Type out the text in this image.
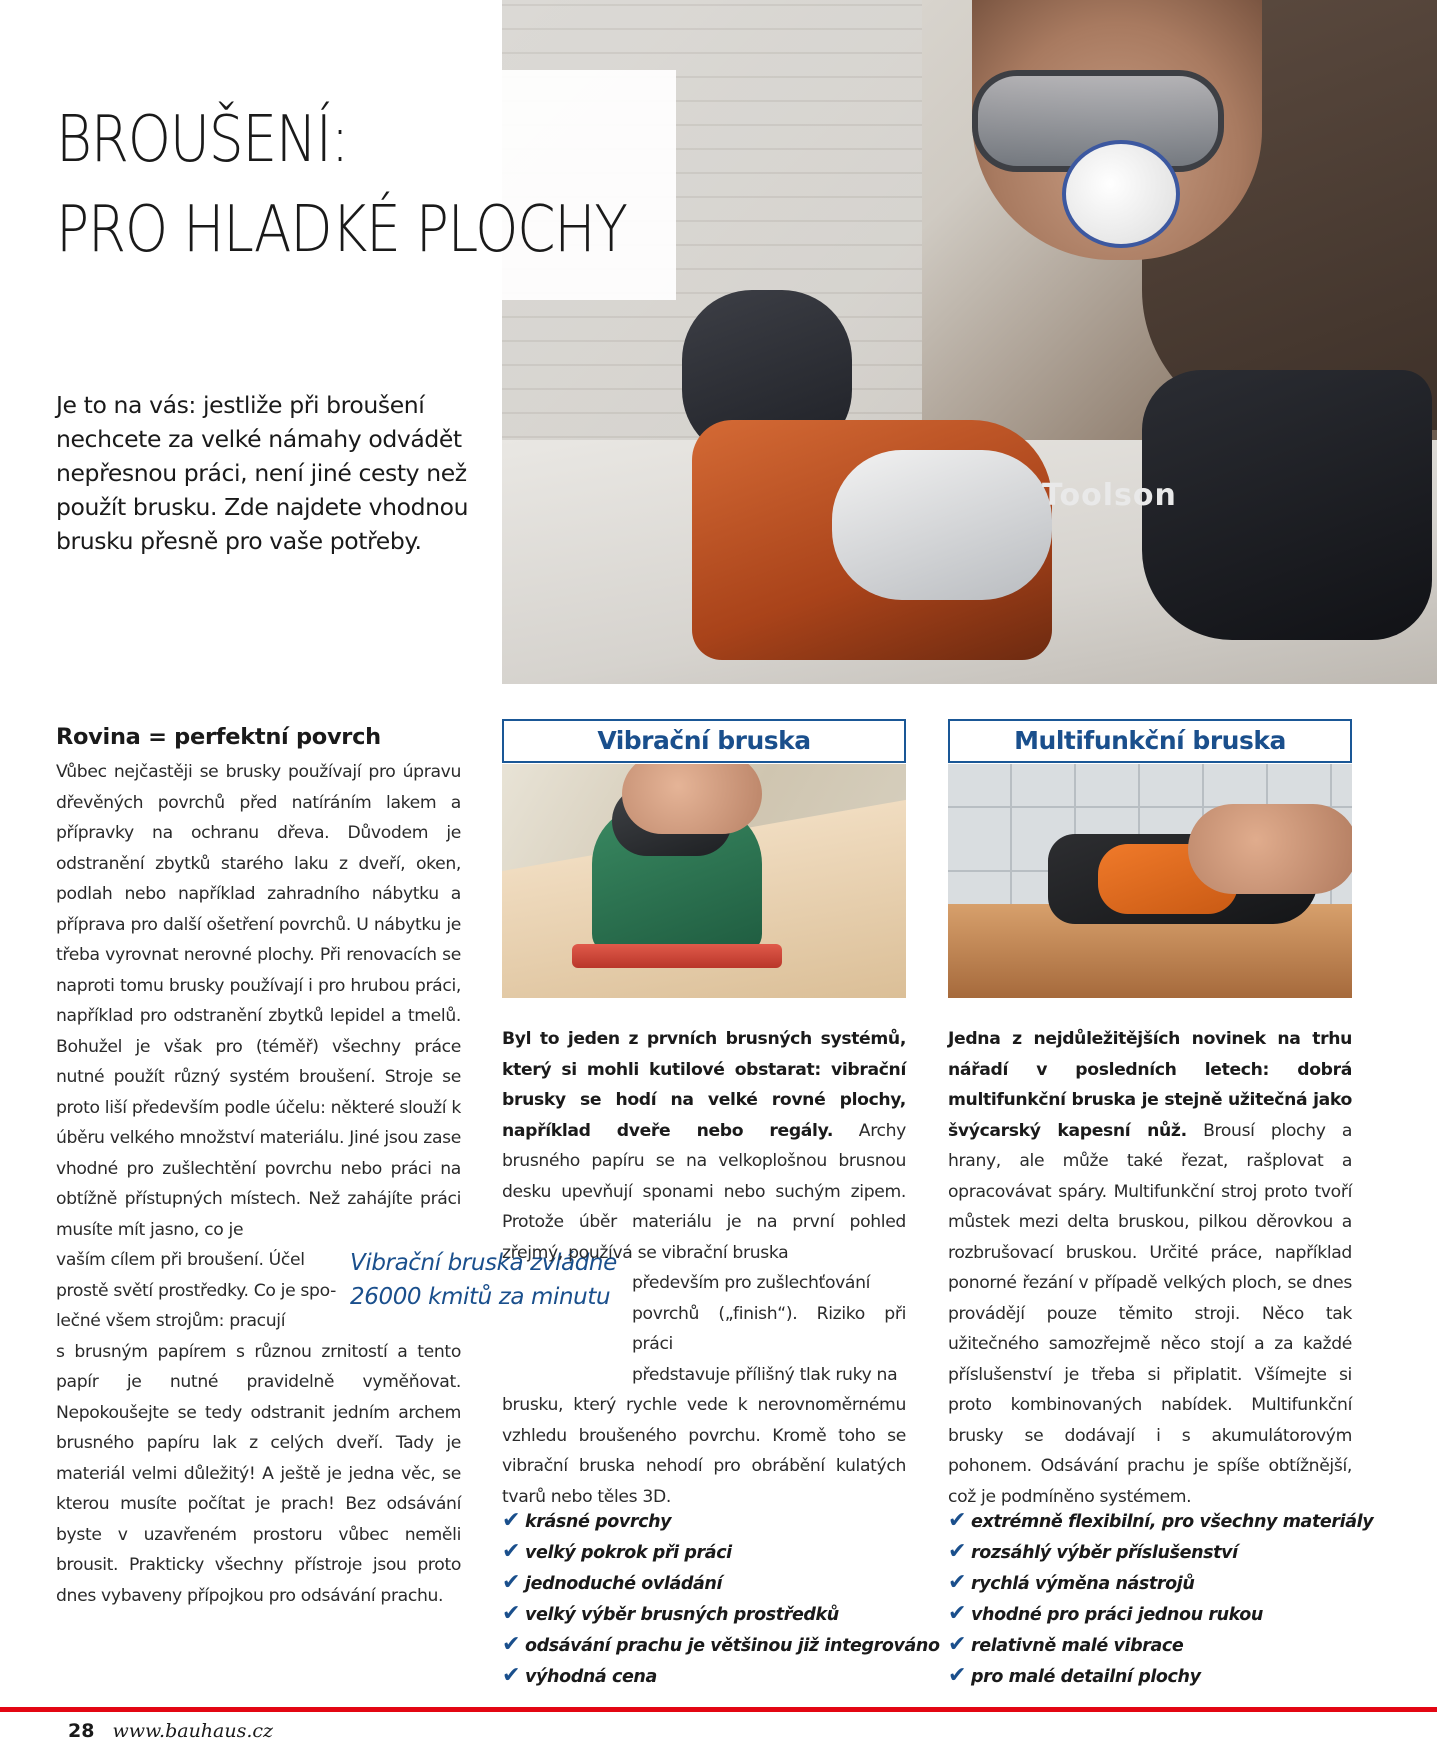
Toolson
BROUŠENÍ:
PRO HLADKÉ PLOCHY
Je to na vás: jestliže při broušení nechcete za velké námahy odvádět nepřesnou práci, není jiné cesty než použít brusku. Zde najdete vhodnou brusku přesně pro vaše potřeby.
Rovina = perfektní povrch

Vůbec nejčastěji se brusky používají pro úpravu dřevěných povrchů před natíráním lakem a přípravky na ochranu dřeva. Důvodem je odstranění zbytků starého laku z dveří, oken, podlah nebo například zahradního nábytku a příprava pro další ošetření povrchů. U nábytku je třeba vyrovnat nerovné plochy. Při renovacích se naproti tomu brusky používají i pro hrubou práci, například pro odstranění zbytků lepidel a tmelů. Bohužel je však pro (téměř) všechny práce nutné použít různý systém broušení. Stroje se proto liší především podle účelu: některé slouží k úběru velkého množství materiálu. Jiné jsou zase vhodné pro zušlechtění povrchu nebo práci na obtížně přístupných místech. Než zahájíte práci musíte mít jasno, co je

vaším cílem při broušení. Účel

prostě světí prostředky. Co je spo-

lečné všem strojům: pracují

s brusným papírem s různou zrnitostí a tento papír je nutné pravidelně vyměňovat. Nepokoušejte se tedy odstranit jedním archem brusného papíru lak z celých dveří. Tady je materiál velmi důležitý! A ještě je jedna věc, se kterou musíte počítat je prach! Bez odsávání byste v uzavřeném prostoru vůbec neměli brousit. Prakticky všechny přístroje jsou proto dnes vybaveny přípojkou pro odsávání prachu.

Vibrační bruska zvládne
26000 kmitů za minutu
Vibrační bruska

Byl to jeden z prvních brusných systémů, který si mohli kutilové obstarat: vibrační brusky se hodí na velké rovné plochy, například dveře nebo regály. Archy brusného papíru se na velkoplošnou brusnou desku upevňují sponami nebo suchým zipem. Protože úběr materiálu je na první pohled zřejmý, používá se vibrační bruska

především pro zušlechťování

povrchů („finish“). Riziko při práci

představuje přílišný tlak ruky na

brusku, který rychle vede k nerovnoměrnému vzhledu broušeného povrchu. Kromě toho se vibrační bruska nehodí pro obrábění kulatých tvarů nebo těles 3D.

✔ krásné povrchy
✔ velký pokrok při práci
✔ jednoduché ovládání
✔ velký výběr brusných prostředků
✔ odsávání prachu je většinou již integrováno
✔ výhodná cena
Multifunkční bruska

Jedna z nejdůležitějších novinek na trhu nářadí v posledních letech: dobrá multifunkční bruska je stejně užitečná jako švýcarský kapesní nůž. Brousí plochy a hrany, ale může také řezat, rašplovat a opracovávat spáry. Multifunkční stroj proto tvoří můstek mezi delta bruskou, pilkou děrovkou a rozbrušovací bruskou. Určité práce, například ponorné řezání v případě velkých ploch, se dnes provádějí pouze těmito stroji. Něco tak užitečného samozřejmě něco stojí a za každé příslušenství je třeba si připlatit. Všímejte si proto kombinovaných nabídek. Multifunkční brusky se dodávají i s akumulátorovým pohonem. Odsávání prachu je spíše obtížnější, což je podmíněno systémem.

✔ extrémně flexibilní, pro všechny materiály
✔ rozsáhlý výběr příslušenství
✔ rychlá výměna nástrojů
✔ vhodné pro práci jednou rukou
✔ relativně malé vibrace
✔ pro malé detailní plochy
28 www.bauhaus.cz
